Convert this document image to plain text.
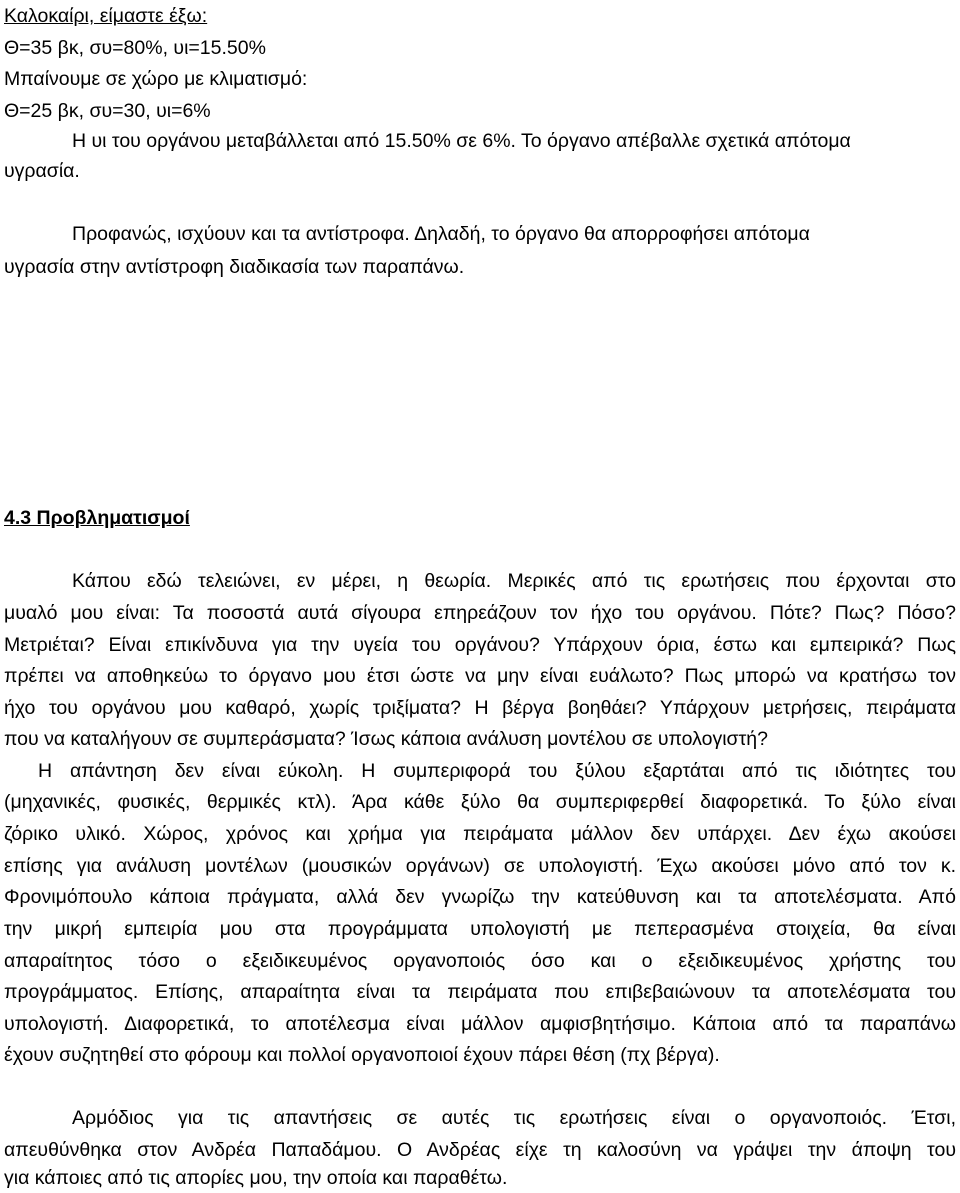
Καλοκαίρι, είμαστε έξω:
Θ=35 βκ, συ=80%, υι=15.50%
Μπαίνουμε σε χώρο με κλιματισμό:
Θ=25 βκ, συ=30, υι=6%
Η υι του οργάνου μεταβάλλεται από 15.50% σε 6%. Το όργανο απέβαλλε σχετικά απότομα
υγρασία.
Προφανώς, ισχύουν και τα αντίστροφα. Δηλαδή, το όργανο θα απορροφήσει απότομα
υγρασία στην αντίστροφη διαδικασία των παραπάνω.
4.3 Προβληματισμοί
Κάπου εδώ τελειώνει, εν μέρει, η θεωρία. Μερικές από τις ερωτήσεις που έρχονται στο
μυαλό μου είναι: Τα ποσοστά αυτά σίγουρα επηρεάζουν τον ήχο του οργάνου. Πότε? Πως? Πόσο?
Μετριέται? Είναι επικίνδυνα για την υγεία του οργάνου? Υπάρχουν όρια, έστω και εμπειρικά? Πως
πρέπει να αποθηκεύω το όργανο μου έτσι ώστε να μην είναι ευάλωτο? Πως μπορώ να κρατήσω τον
ήχο του οργάνου μου καθαρό, χωρίς τριξίματα? Η βέργα βοηθάει? Υπάρχουν μετρήσεις, πειράματα
που να καταλήγουν σε συμπεράσματα? Ίσως κάποια ανάλυση μοντέλου σε υπολογιστή?
Η απάντηση δεν είναι εύκολη. Η συμπεριφορά του ξύλου εξαρτάται από τις ιδιότητες του
(μηχανικές, φυσικές, θερμικές κτλ). Άρα κάθε ξύλο θα συμπεριφερθεί διαφορετικά. Το ξύλο είναι
ζόρικο υλικό. Χώρος, χρόνος και χρήμα για πειράματα μάλλον δεν υπάρχει. Δεν έχω ακούσει
επίσης για ανάλυση μοντέλων (μουσικών οργάνων) σε υπολογιστή. Έχω ακούσει μόνο από τον κ.
Φρονιμόπουλο κάποια πράγματα, αλλά δεν γνωρίζω την κατεύθυνση και τα αποτελέσματα. Από
την μικρή εμπειρία μου στα προγράμματα υπολογιστή με πεπερασμένα στοιχεία, θα είναι
απαραίτητος τόσο ο εξειδικευμένος οργανοποιός όσο και ο εξειδικευμένος χρήστης του
προγράμματος. Επίσης, απαραίτητα είναι τα πειράματα που επιβεβαιώνουν τα αποτελέσματα του
υπολογιστή. Διαφορετικά, το αποτέλεσμα είναι μάλλον αμφισβητήσιμο. Κάποια από τα παραπάνω
έχουν συζητηθεί στο φόρουμ και πολλοί οργανοποιοί έχουν πάρει θέση (πχ βέργα).
Αρμόδιος για τις απαντήσεις σε αυτές τις ερωτήσεις είναι ο οργανοποιός. Έτσι,
απευθύνθηκα στον Ανδρέα Παπαδάμου. Ο Ανδρέας είχε τη καλοσύνη να γράψει την άποψη του
για κάποιες από τις απορίες μου, την οποία και παραθέτω.
